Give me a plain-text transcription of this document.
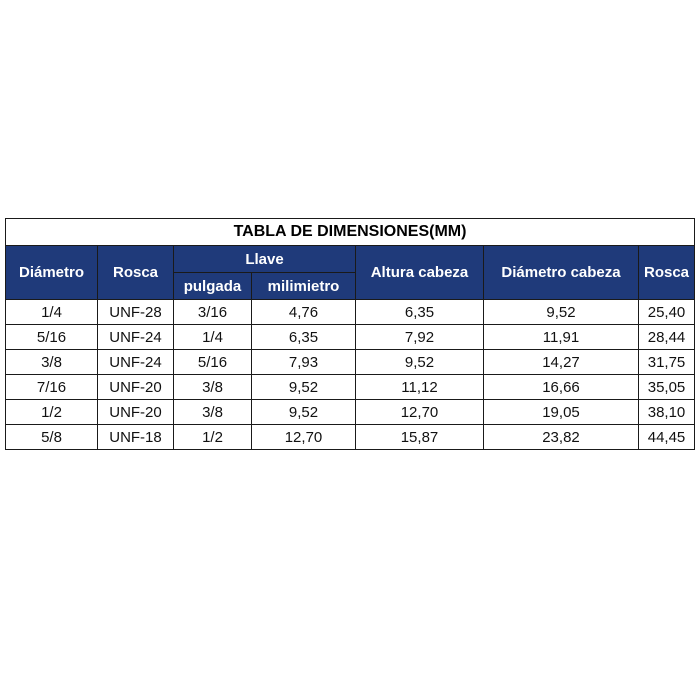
TABLA DE DIMENSIONES(MM)						
Diámetro	Rosca	Llave		Altura cabeza	Diámetro cabeza	Rosca
		pulgada	milimietro			
1/4	UNF-28	3/16	4,76	6,35	9,52	25,40
5/16	UNF-24	1/4	6,35	7,92	11,91	28,44
3/8	UNF-24	5/16	7,93	9,52	14,27	31,75
7/16	UNF-20	3/8	9,52	11,12	16,66	35,05
1/2	UNF-20	3/8	9,52	12,70	19,05	38,10
5/8	UNF-18	1/2	12,70	15,87	23,82	44,45
